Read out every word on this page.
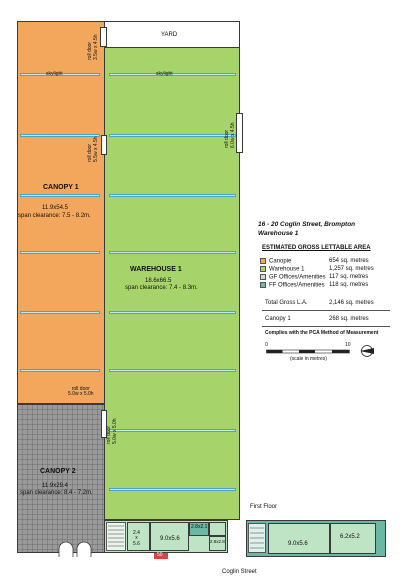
YARD
skylight	skylight
roll door 3.5w x 4.5h
roll door 5.5w x 4.5h	roll door 6.0w x 4.5h
roll door 5.0w x 5.0h
roll door
5.0w x 5.0h
CANOPY 1
11.9x54.5
span clearance: 7.5 - 8.2m.
WAREHOUSE 1
18.6x66.5
span clearance: 7.4 - 8.3m.
CANOPY 2
11.9x29.4
span clearance: 8.4 - 7.2m.
2.4
x
5.6
9.0x5.6
2.8x2.1
2.8x2.8
50
First Floor
9.0x5.6
6.2x5.2
Coglin Street
16 - 20 Coglin Street, Brompton
Warehouse 1
ESTIMATED GROSS LETTABLE AREA
Canopie	654 sq. metres
Warehouse 1	1,257 sq. metres
GF Offices/Amenities 117 sq. metres
FF Offices/Amenities 118 sq. metres
Total Gross L.A.	2,146 sq. metres
Canopy 1	268 sq. metres
Complies with the PCA Method of Measurement
0	10
(scale in metres)
